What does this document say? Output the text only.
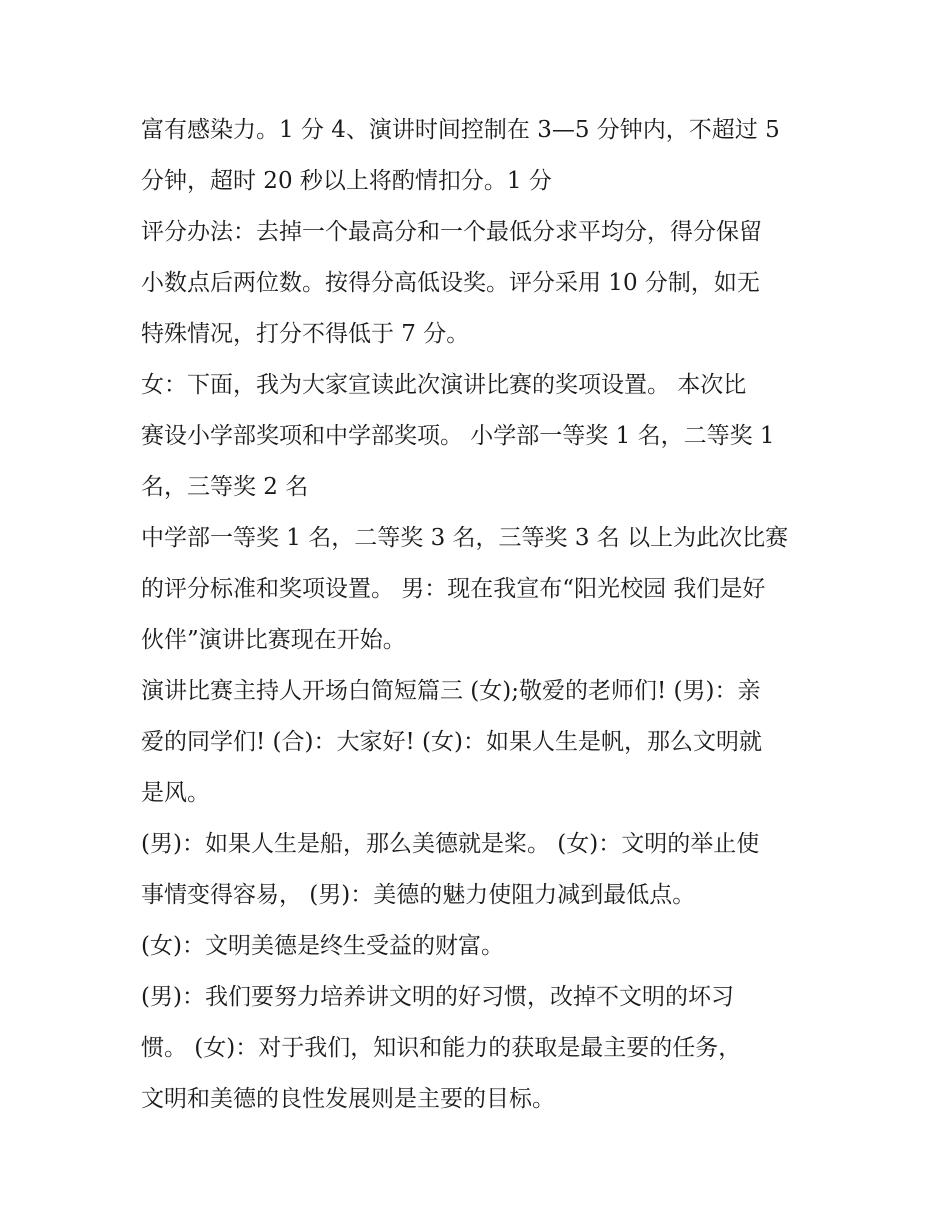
富有感染力。1 分 4、演讲时间控制在 3—5 分钟内，不超过 5

分钟，超时 20 秒以上将酌情扣分。1 分

评分办法：去掉一个最高分和一个最低分求平均分，得分保留

小数点后两位数。按得分高低设奖。评分采用 10 分制，如无

特殊情况，打分不得低于 7 分。

女：下面，我为大家宣读此次演讲比赛的奖项设置。 本次比

赛设小学部奖项和中学部奖项。 小学部一等奖 1 名，二等奖 1

名，三等奖 2 名

中学部一等奖 1 名，二等奖 3 名，三等奖 3 名 以上为此次比赛

的评分标准和奖项设置。 男：现在我宣布“阳光校园 我们是好

伙伴”演讲比赛现在开始。

演讲比赛主持人开场白简短篇三 (女);敬爱的老师们! (男)：亲

爱的同学们! (合)：大家好! (女)：如果人生是帆，那么文明就

是风。

(男)：如果人生是船，那么美德就是桨。 (女)：文明的举止使

事情变得容易， (男)：美德的魅力使阻力减到最低点。

(女)：文明美德是终生受益的财富。

(男)：我们要努力培养讲文明的好习惯，改掉不文明的坏习

惯。 (女)：对于我们，知识和能力的获取是最主要的任务，

文明和美德的良性发展则是主要的目标。
